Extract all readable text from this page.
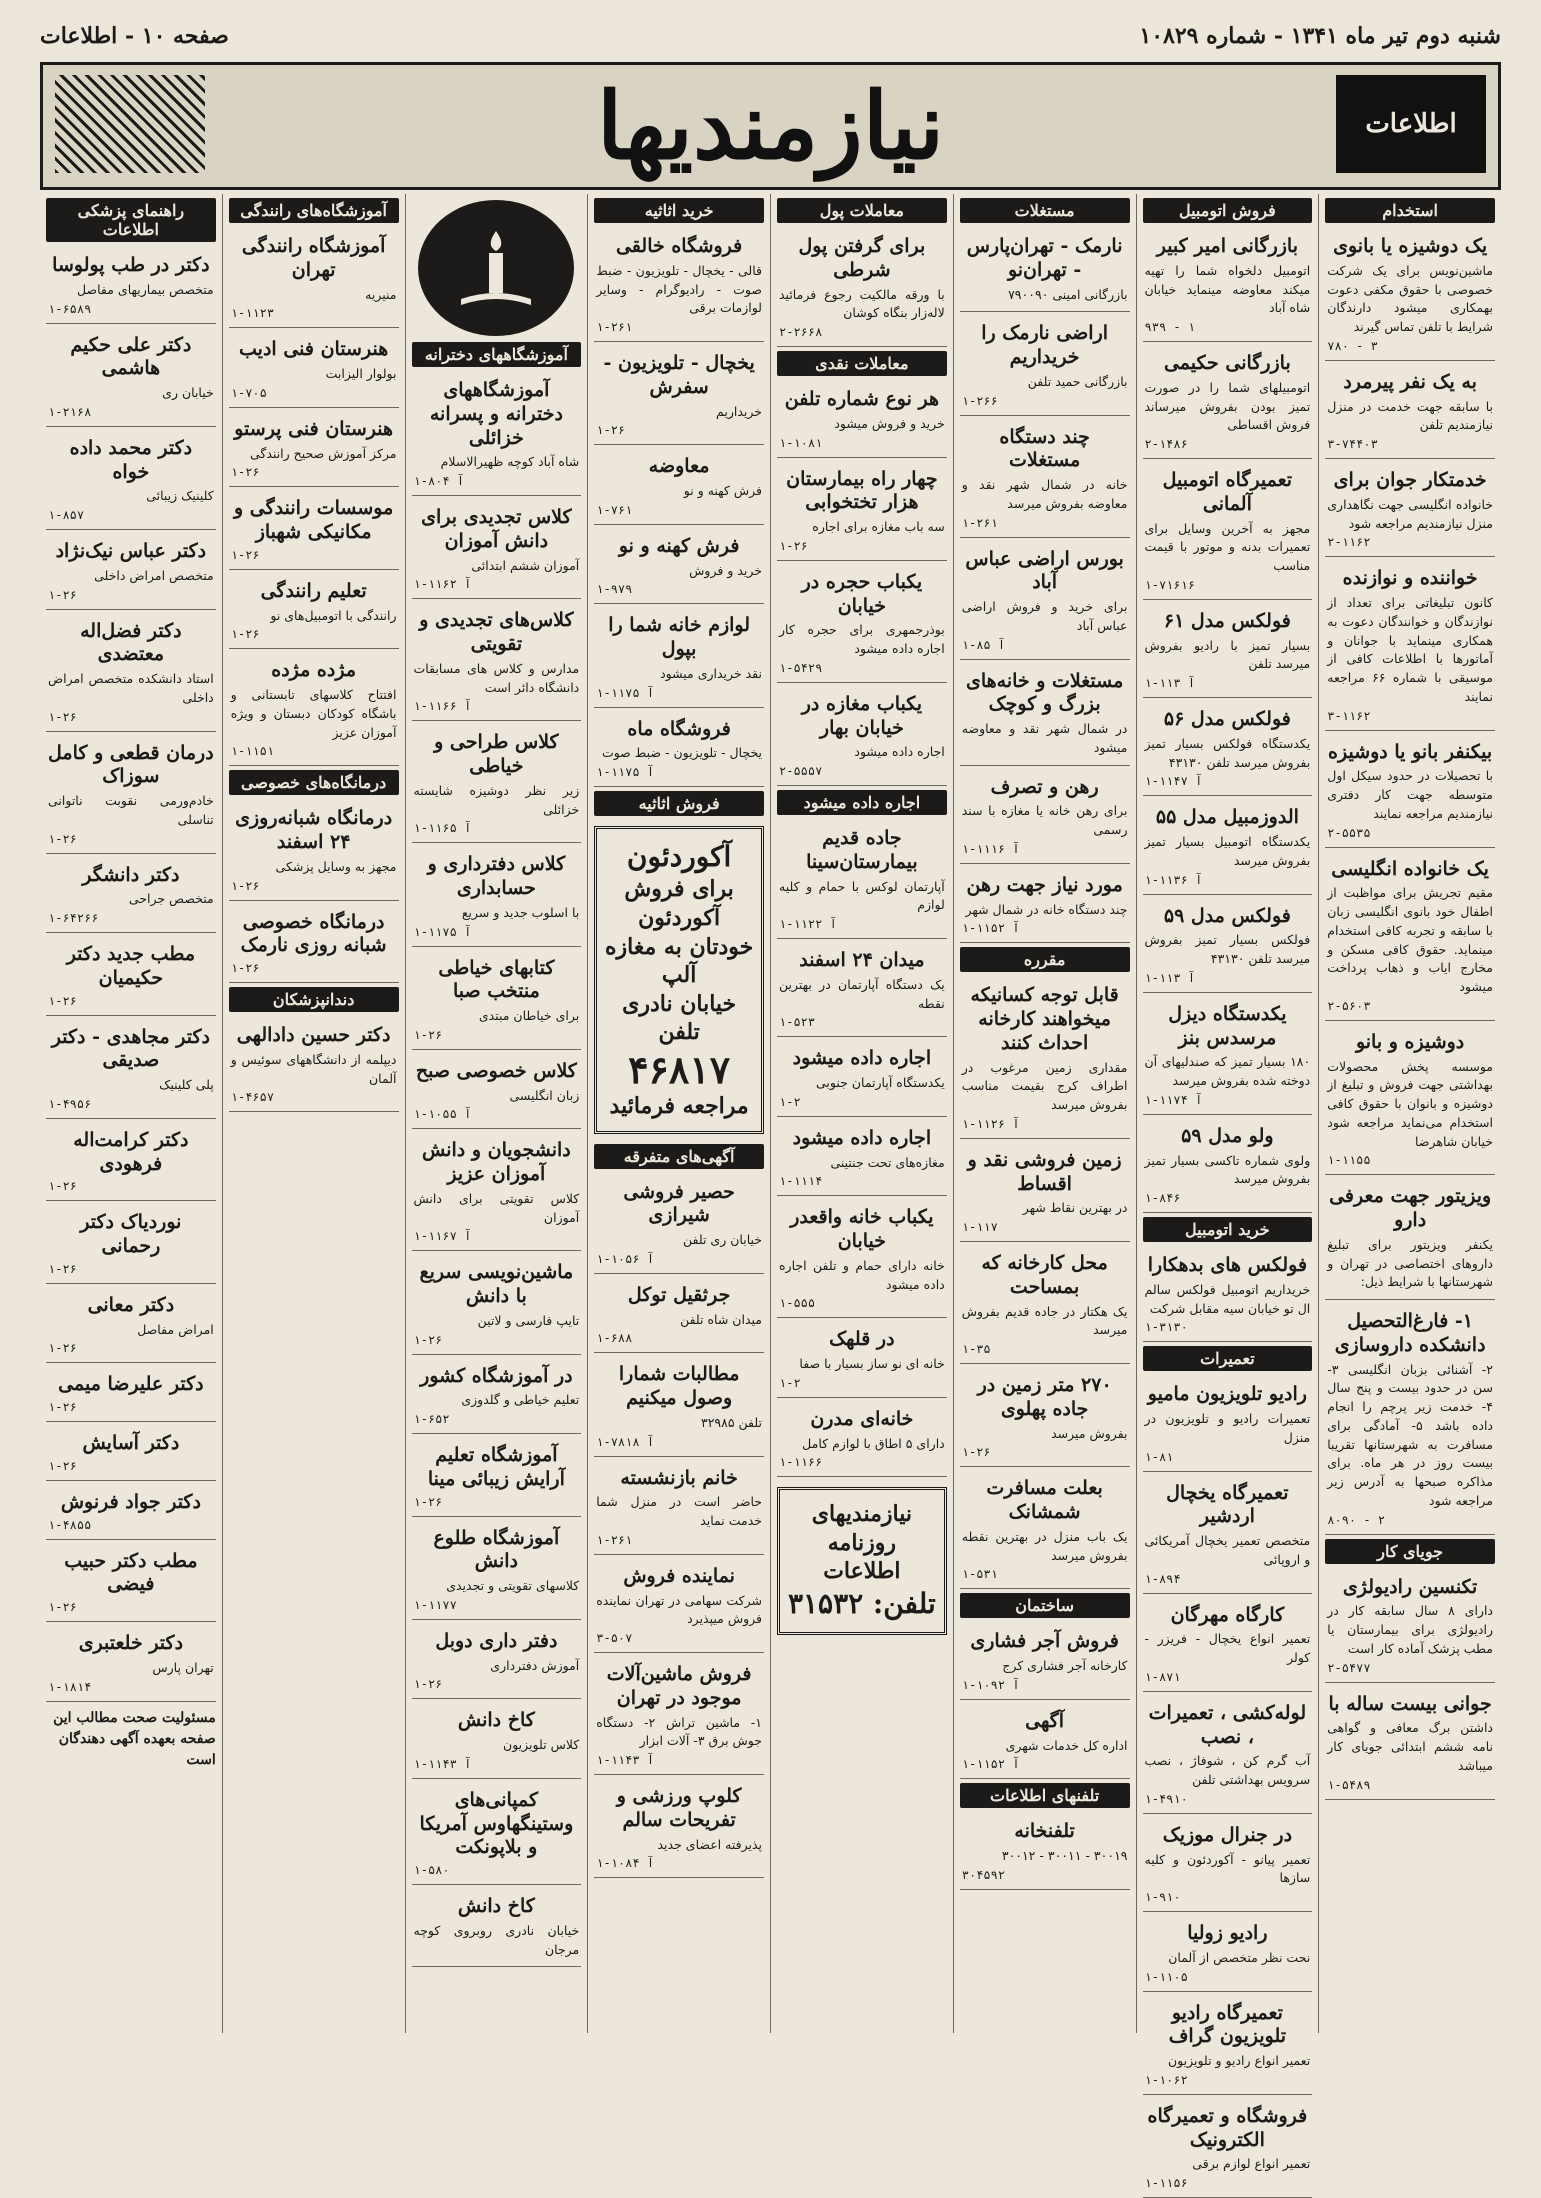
شنبه دوم تیر ماه ۱۳۴۱ - شماره ۱۰۸۲۹
صفحه ۱۰ - اطلاعات
اطلاعات
نیازمندیها
استخدام
یک دوشیزه یا بانوی
ماشین‌نویس برای یک شرکت خصوصی با حقوق مکفی دعوت بهمکاری میشود دارندگان شرایط با تلفن تماس گیرند
۷۸۰ - ۳
به یک نفر پیرمرد
با سابقه جهت خدمت در منزل نیازمندیم تلفن
۳-۷۴۴۰۳
خدمتکار جوان برای
خانواده انگلیسی جهت نگاهداری منزل نیازمندیم مراجعه شود
۲-۱۱۶۲
خواننده و نوازنده
کانون تبلیغاتی برای تعداد از نوازندگان و خوانندگان دعوت به همکاری مینماید با جوانان و آماتورها با اطلاعات کافی از موسیقی با شماره ۶۶ مراجعه نمایند
۳-۱۱۶۲
بیکنفر بانو یا دوشیزه
با تحصیلات در حدود سیکل اول متوسطه جهت کار دفتری نیازمندیم مراجعه نمایند
۲-۵۵۳۵
یک خانواده انگلیسی
مقیم تجریش برای مواظبت از اطفال خود بانوی انگلیسی زبان با سابقه و تجربه کافی استخدام مینماید. حقوق کافی مسکن و مخارج ایاب و ذهاب پرداخت میشود
۲-۵۶۰۳
دوشیزه و بانو
موسسه پخش محصولات بهداشتی جهت فروش و تبلیغ از دوشیزه و بانوان با حقوق کافی استخدام می‌نماید مراجعه شود خیابان شاهرضا
۱-۱۱۵۵
ویزیتور جهت معرفی دارو
یکنفر ویزیتور برای تبلیغ داروهای اختصاصی در تهران و شهرستانها با شرایط ذیل:
۱- فارغ‌التحصیل دانشکده داروسازی
۲- آشنائی بزبان انگلیسی ۳- سن در حدود بیست و پنج سال ۴- خدمت زیر پرچم را انجام داده باشد ۵- آمادگی برای مسافرت به شهرستانها تقریبا بیست روز در هر ماه. برای مذاکره صبحها به آدرس زیر مراجعه شود
۸۰۹۰ - ۲
جویای کار
تکنسین رادیولژی
دارای ۸ سال سابقه کار در رادیولژی برای بیمارستان یا مطب پزشک آماده کار است
۲-۵۴۷۷
جوانی بیست ساله با
داشتن برگ معافی و گواهی نامه ششم ابتدائی جویای کار میباشد
۱-۵۴۸۹
فروش اتومبیل
بازرگانی امیر کبیر
اتومبیل دلخواه شما را تهیه میکند معاوضه مینماید خیابان شاه آباد
۹۳۹ - ۱
بازرگانی حکیمی
اتومبیلهای شما را در صورت تمیز بودن بفروش میرساند فروش اقساطی
۲-۱۴۸۶
تعمیرگاه اتومبیل آلمانی
مجهز به آخرین وسایل برای تعمیرات بدنه و موتور با قیمت مناسب
۱-۷۱۶۱۶
فولکس مدل ۶۱
بسیار تمیز با رادیو بفروش میرسد تلفن
۱-۱۱۳ آ
فولکس مدل ۵۶
یکدستگاه فولکس بسیار تمیز بفروش میرسد تلفن ۴۳۱۳۰
۱-۱۱۴۷ آ
الدوزمبیل مدل ۵۵
یکدستگاه اتومبیل بسیار تمیز بفروش میرسد
۱-۱۱۳۶ آ
فولکس مدل ۵۹
فولکس بسیار تمیز بفروش میرسد تلفن ۴۳۱۳۰
۱-۱۱۳ آ
یکدستگاه دیزل مرسدس بنز
۱۸۰ بسیار تمیز که صندلیهای آن دوخته شده بفروش میرسد
۱-۱۱۷۴ آ
ولو مدل ۵۹
ولوی شماره تاکسی بسیار تمیز بفروش میرسد
۱-۸۴۶
خرید اتومبیل
فولکس های بدهکارا
خریداریم اتومبیل فولکس سالم ال تو خیابان سیه مقابل شرکت
۱-۳۱۳۰
تعمیرات
رادیو تلویزیون مامیو
تعمیرات رادیو و تلویزیون در منزل
۱-۸۱
تعمیرگاه یخچال اردشیر
متخصص تعمیر یخچال آمریکائی و اروپائی
۱-۸۹۴
کارگاه مهرگان
تعمیر انواع یخچال - فریزر - کولر
۱-۸۷۱
لوله‌کشی ، تعمیرات ، نصب
آب گرم کن ، شوفاژ ، نصب سرویس بهداشتی تلفن
۱-۴۹۱۰
در جنرال موزیک
تعمیر پیانو - آکوردئون و کلیه سازها
۱-۹۱۰
رادیو زولیا
نحت نظر متخصص از آلمان
۱-۱۱۰۵
تعمیرگاه رادیو تلویزیون گراف
تعمیر انواع رادیو و تلویزیون
۱-۱۰۶۲
فروشگاه و تعمیرگاه الکترونیک
تعمیر انواع لوازم برقی
۱-۱۱۵۶
مستغلات
نارمک - تهران‌پارس - تهران‌نو
بازرگانی امینی ۷۹۰۰۹۰
اراضی نارمک را خریداریم
بازرگانی حمید تلفن
۱-۲۶۶
چند دستگاه مستغلات
خانه در شمال شهر نقد و معاوضه بفروش میرسد
۱-۲۶۱
بورس اراضی عباس آباد
برای خرید و فروش اراضی عباس آباد
۱-۸۵ آ
مستغلات و خانه‌های بزرگ و کوچک
در شمال شهر نقد و معاوضه میشود
رهن و تصرف
برای رهن خانه یا مغازه با سند رسمی
۱-۱۱۱۶ آ
مورد نیاز جهت رهن
چند دستگاه خانه در شمال شهر
۱-۱۱۵۲ آ
مقرره
قابل توجه کسانیکه میخواهند کارخانه احداث کنند
مقداری زمین مرغوب در اطراف کرج بقیمت مناسب بفروش میرسد
۱-۱۱۲۶ آ
زمین فروشی نقد و اقساط
در بهترین نقاط شهر
۱-۱۱۷
محل کارخانه که بمساحت
یک هکتار در جاده قدیم بفروش میرسد
۱-۳۵
۲۷۰ متر زمین در جاده پهلوی
بفروش میرسد
۱-۲۶
بعلت مسافرت شمشانک
یک باب منزل در بهترین نقطه بفروش میرسد
۱-۵۳۱
ساختمان
فروش آجر فشاری
کارخانه آجر فشاری کرج
۱-۱۰۹۲ آ
آگهی
اداره کل خدمات شهری
۱-۱۱۵۲ آ
تلفنهای اطلاعات
تلفنخانه
۳۰۰۱۹ - ۳۰۰۱۱ - ۳۰۰۱۲
۳۰۴۵۹۲
معاملات پول
برای گرفتن پول شرطی
با ورقه مالکیت رجوع فرمائید لاله‌زار بنگاه کوشان
۲-۲۶۶۸
معاملات نقدی
هر نوع شماره تلفن
خرید و فروش میشود
۱-۱۰۸۱
چهار راه بیمارستان هزار تختخوابی
سه باب مغازه برای اجاره
۱-۲۶
یکباب حجره در خیابان
بوذرجمهری برای حجره کار اجاره داده میشود
۱-۵۴۲۹
یکباب مغازه در خیابان بهار
اجاره داده میشود
۲-۵۵۵۷
اجاره داده میشود
جاده قدیم بیمارستان‌سینا
آپارتمان لوکس با حمام و کلیه لوازم
۱-۱۱۲۲ آ
میدان ۲۴ اسفند
یک دستگاه آپارتمان در بهترین نقطه
۱-۵۲۳
اجاره داده میشود
یکدستگاه آپارتمان جنوبی
۱-۲
اجاره داده میشود
مغازه‌های تحت جنتینی
۱-۱۱۱۴
یکباب خانه واقعدر خیابان
خانه دارای حمام و تلفن اجاره داده میشود
۱-۵۵۵
در قلهک
خانه ای نو ساز بسیار با صفا
۱-۲
خانه‌ای مدرن
دارای ۵ اطاق با لوازم کامل
۱-۱۱۶۶
نیازمندیهای
روزنامه اطلاعات
تلفن: ۳۱۵۳۲
خرید اثاثیه
فروشگاه خالقی
قالی - یخچال - تلویزیون - ضبط صوت - رادیوگرام - وسایر لوازمات برقی
۱-۲۶۱
یخچال - تلویزیون - سفرش
خریداریم
۱-۲۶
معاوضه
فرش کهنه و نو
۱-۷۶۱
فرش کهنه و نو
خرید و فروش
۱-۹۷۹
لوازم خانه شما را بپول
نقد خریداری میشود
۱-۱۱۷۵ آ
فروشگاه ماه
یخچال - تلویزیون - ضبط صوت
۱-۱۱۷۵ آ
فروش اثاثیه
آکوردئون
برای فروش
آکوردئون خودتان به مغازه آلپ
خیابان نادری تلفن
۴۶۸۱۷
مراجعه فرمائید
آگهی‌های متفرقه
حصیر فروشی شیرازی
خیابان ری تلفن
۱-۱۰۵۶ آ
جرثقیل توکل
میدان شاه تلفن
۱-۶۸۸
مطالبات شمارا وصول میکنیم
تلفن ۳۲۹۸۵
۱-۷۸۱۸ آ
خانم بازنشسته
حاضر است در منزل شما خدمت نماید
۱-۲۶۱
نماینده فروش
شرکت سهامی در تهران نماینده فروش میپذیرد
۳-۵۰۷
فروش ماشین‌آلات موجود در تهران
۱- ماشین تراش ۲- دستگاه جوش برق ۳- آلات ابزار
۱-۱۱۴۳ آ
کلوپ ورزشی و تفریحات سالم
پذیرفته اعضای جدید
۱-۱۰۸۴ آ
آموزشگاههای دخترانه
آموزشگاههای دخترانه و پسرانه خزائلی
شاه آباد کوچه ظهیرالاسلام
۱-۸۰۴ آ
کلاس تجدیدی برای دانش آموزان
آموزان ششم ابتدائی
۱-۱۱۶۲ آ
کلاس‌های تجدیدی و تقویتی
مدارس و کلاس های مسابقات دانشگاه دائر است
۱-۱۱۶۶ آ
کلاس طراحی و خیاطی
زیر نظر دوشیزه شایسته خزائلی
۱-۱۱۶۵ آ
کلاس دفترداری و حسابداری
با اسلوب جدید و سریع
۱-۱۱۷۵ آ
کتابهای خیاطی منتخب صبا
برای خیاطان مبتدی
۱-۲۶
کلاس خصوصی صبح
زبان انگلیسی
۱-۱۰۵۵ آ
دانشجویان و دانش آموزان عزیز
کلاس تقویتی برای دانش آموزان
۱-۱۱۶۷ آ
ماشین‌نویسی سریع با دانش
تایپ فارسی و لاتین
۱-۲۶
در آموزشگاه کشور
تعلیم خیاطی و گلدوزی
۱-۶۵۲
آموزشگاه تعلیم آرایش زیبائی مینا
۱-۲۶
آموزشگاه طلوع دانش
کلاسهای تقویتی و تجدیدی
۱-۱۱۷۷
دفتر داری دوبل
آموزش دفترداری
۱-۲۶
کاخ دانش
کلاس تلویزیون
۱-۱۱۴۳ آ
کمپانی‌های وستینگهاوس آمریکا و بلاپونکت
۱-۵۸۰
کاخ دانش
خیابان نادری روبروی کوچه مرجان
آموزشگاه‌های رانندگی
آموزشگاه رانندگی تهران
منیریه
۱-۱۱۲۳
هنرستان فنی ادیب
بولوار الیزابت
۱-۷۰۵
هنرستان فنی پرستو
مرکز آموزش صحیح رانندگی
۱-۲۶
موسسات رانندگی و مکانیکی شهباز
۱-۲۶
تعلیم رانندگی
رانندگی با اتومبیل‌های نو
۱-۲۶
مژده مژده
افتتاح کلاسهای تابستانی و باشگاه کودکان دبستان و ویژه آموزان عزیز
۱-۱۱۵۱
درمانگاه‌های خصوصی
درمانگاه شبانه‌روزی ۲۴ اسفند
مجهز به وسایل پزشکی
۱-۲۶
درمانگاه خصوصی شبانه روزی نارمک
۱-۲۶
دندانپزشکان
دکتر حسین دادالهی
دیپلمه از دانشگاههای سوئیس و آلمان
۱-۴۶۵۷
راهنمای پزشکی اطلاعات
دکتر در طب پولوسا
متخصص بیماریهای مفاصل
۱-۶۵۸۹
دکتر علی حکیم هاشمی
خیابان ری
۱-۲۱۶۸
دکتر محمد داده خواه
کلینیک زیبائی
۱-۸۵۷
دکتر عباس نیک‌نژاد
متخصص امراض داخلی
۱-۲۶
دکتر فضل‌اله معتضدی
استاد دانشکده متخصص امراض داخلی
۱-۲۶
درمان قطعی و کامل سوزاک
خادم‌ورمی نقوبت ناتوانی تناسلی
۱-۲۶
دکتر دانشگر
متخصص جراحی
۱-۶۴۲۶۶
مطب جدید دکتر حکیمیان
۱-۲۶
دکتر مجاهدی - دکتر صدیقی
پلی کلینیک
۱-۴۹۵۶
دکتر کرامت‌اله فرهودی
۱-۲۶
نوردیاک دکتر رحمانی
۱-۲۶
دکتر معانی
امراض مفاصل
۱-۲۶
دکتر علیرضا میمی
۱-۲۶
دکتر آسایش
۱-۲۶
دکتر جواد فرنوش
۱-۴۸۵۵
مطب دکتر حبیب فیضی
۱-۲۶
دکتر خلعتبری
تهران پارس
۱-۱۸۱۴
مسئولیت صحت مطالب این صفحه بعهده آگهی دهندگان است
